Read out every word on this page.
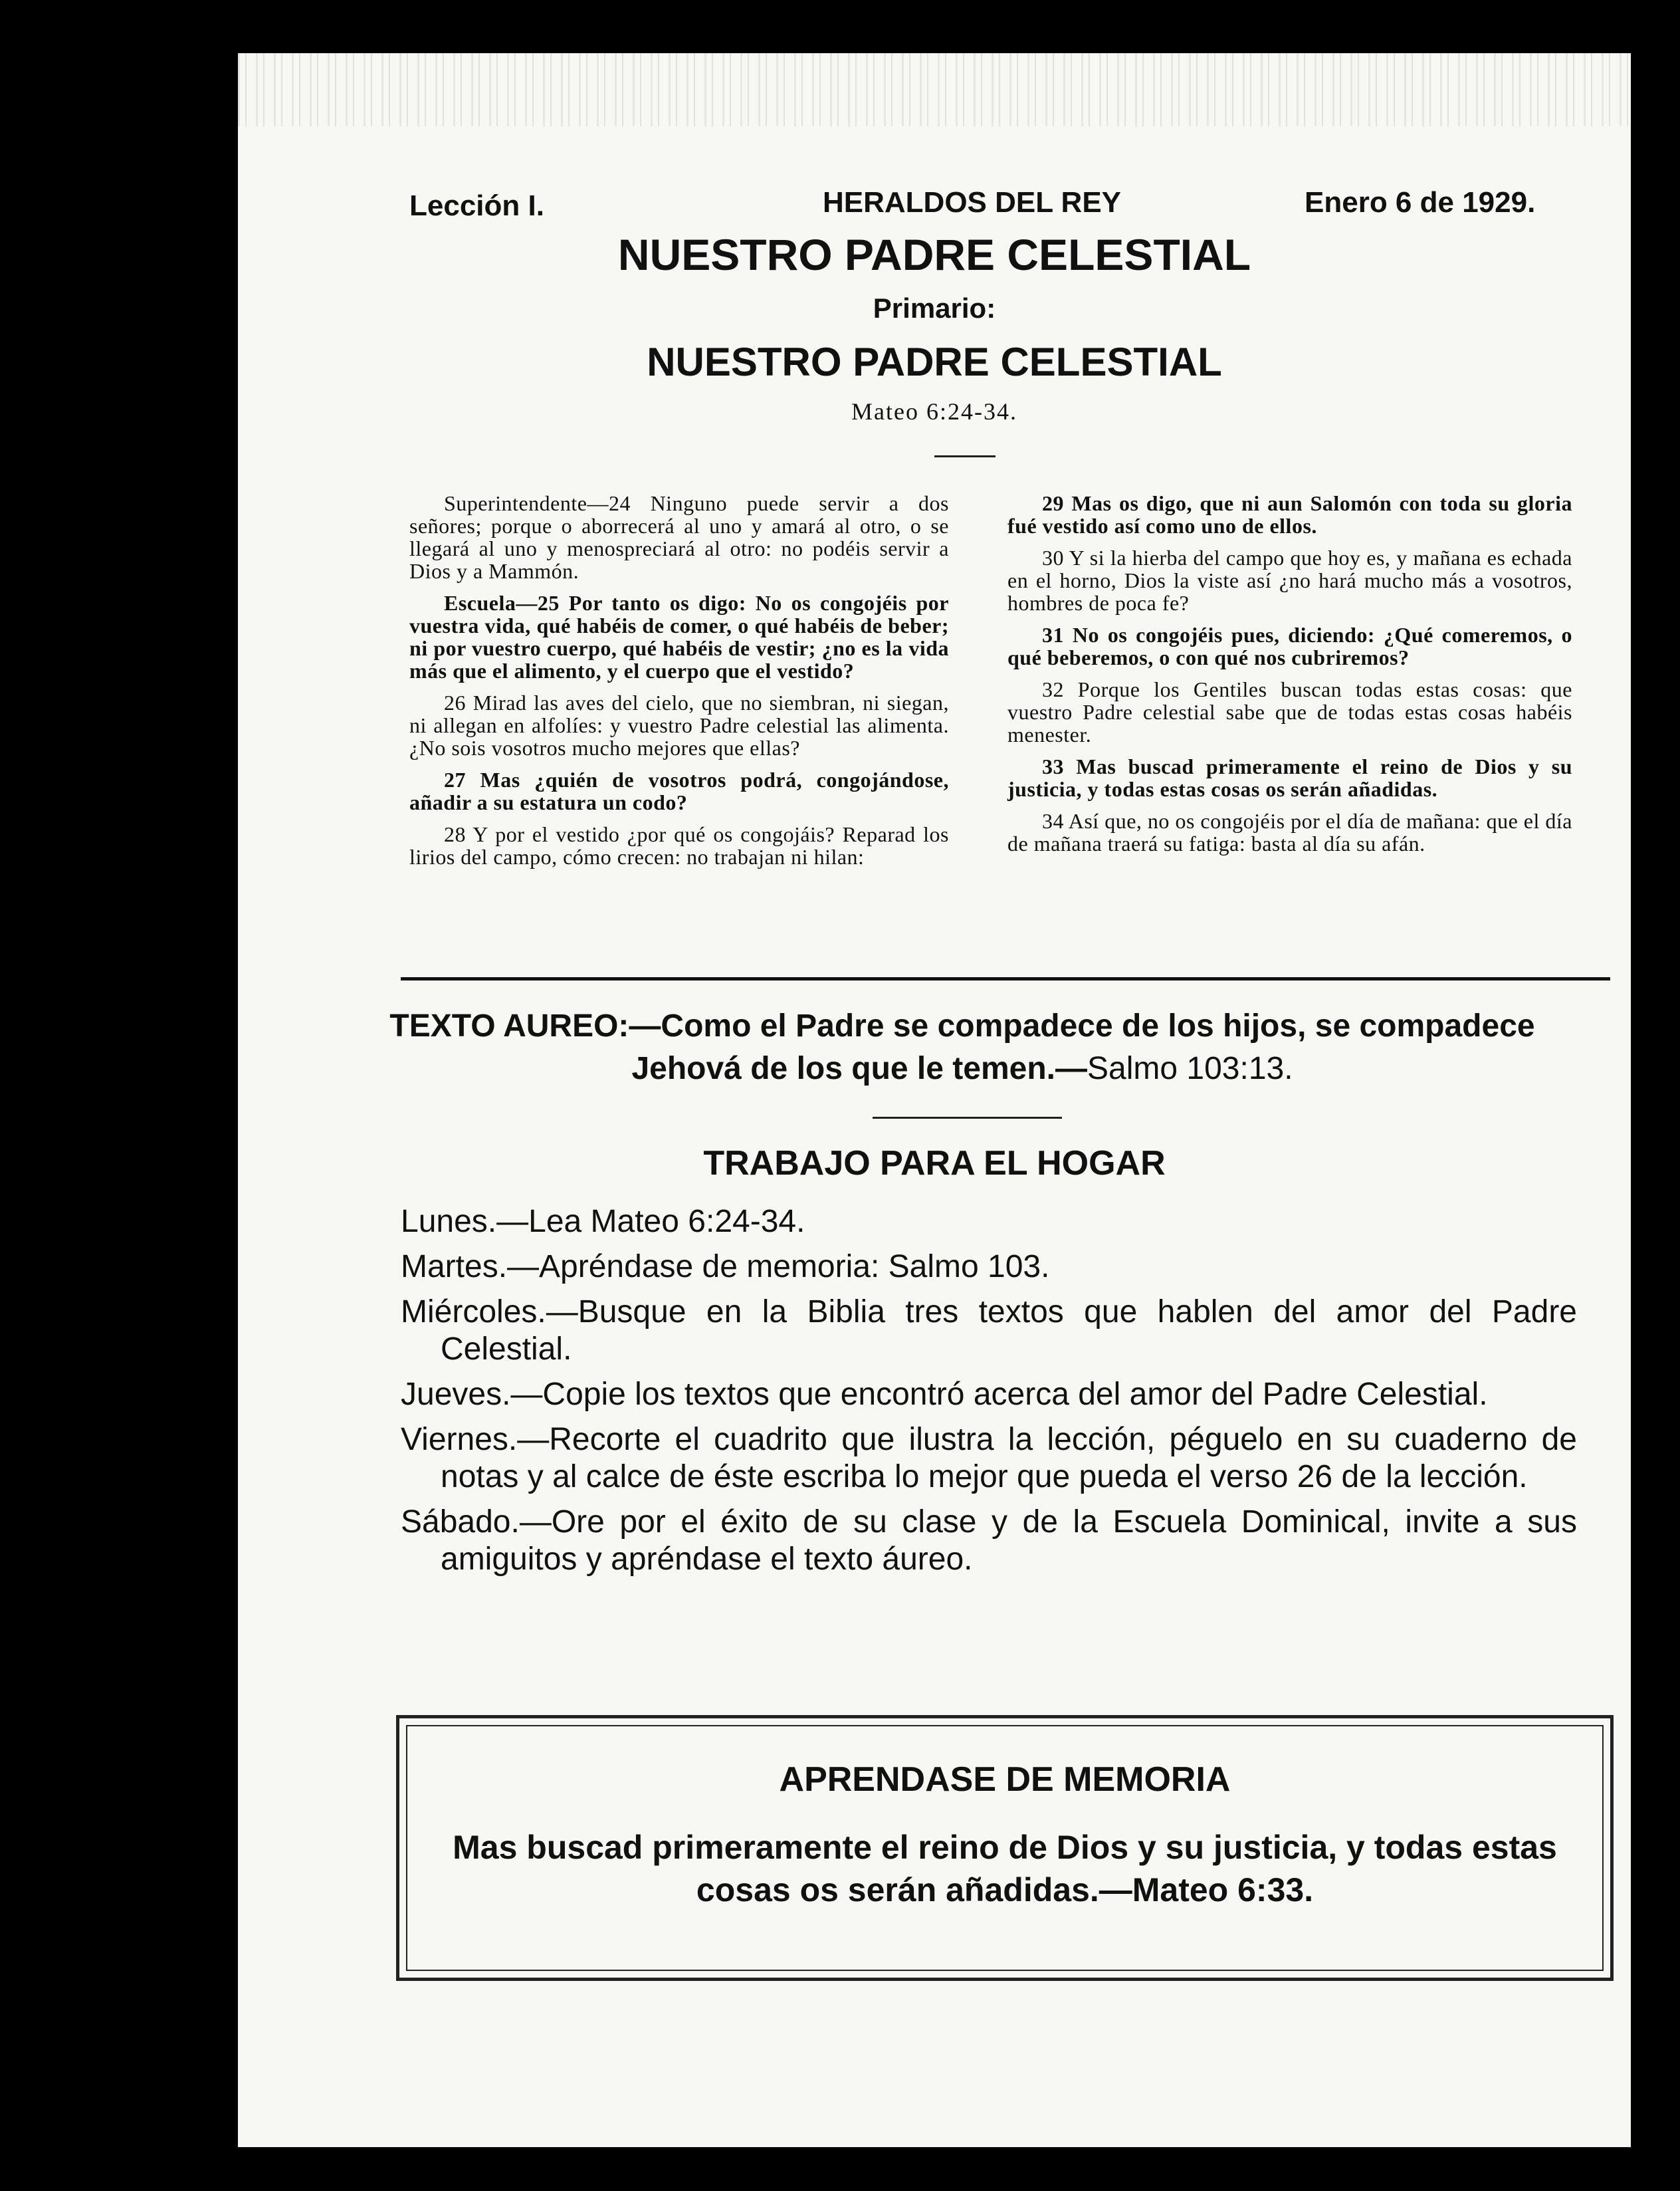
Lección I.	HERALDOS DEL REY	Enero 6 de 1929.
NUESTRO PADRE CELESTIAL
Primario:
NUESTRO PADRE CELESTIAL
Mateo 6:24-34.

Superintendente—24 Ninguno puede servir a dos señores; porque o aborrecerá al uno y amará al otro, o se llegará al uno y menospreciará al otro: no podéis servir a Dios y a Mammón.

Escuela—25 Por tanto os digo: No os congojéis por vuestra vida, qué habéis de comer, o qué habéis de beber; ni por vuestro cuerpo, qué habéis de vestir; ¿no es la vida más que el alimento, y el cuerpo que el vestido?

26 Mirad las aves del cielo, que no siembran, ni siegan, ni allegan en alfolíes: y vuestro Padre celestial las alimenta. ¿No sois vosotros mucho mejores que ellas?

27 Mas ¿quién de vosotros podrá, congojándose, añadir a su estatura un codo?

28 Y por el vestido ¿por qué os congojáis? Reparad los lirios del campo, cómo crecen: no trabajan ni hilan:

29 Mas os digo, que ni aun Salomón con toda su gloria fué vestido así como uno de ellos.

30 Y si la hierba del campo que hoy es, y mañana es echada en el horno, Dios la viste así ¿no hará mucho más a vosotros, hombres de poca fe?

31 No os congojéis pues, diciendo: ¿Qué comeremos, o qué beberemos, o con qué nos cubriremos?

32 Porque los Gentiles buscan todas estas cosas: que vuestro Padre celestial sabe que de todas estas cosas habéis menester.

33 Mas buscad primeramente el reino de Dios y su justicia, y todas estas cosas os serán añadidas.

34 Así que, no os congojéis por el día de mañana: que el día de mañana traerá su fatiga: basta al día su afán.

TEXTO AUREO:—Como el Padre se compadece de los hijos, se compadece Jehová de los que le temen.—Salmo 103:13.
TRABAJO PARA EL HOGAR
Lunes.—Lea Mateo 6:24-34.
Martes.—Apréndase de memoria: Salmo 103.
Miércoles.—Busque en la Biblia tres textos que hablen del amor del Padre Celestial.
Jueves.—Copie los textos que encontró acerca del amor del Padre Celestial.
Viernes.—Recorte el cuadrito que ilustra la lección, péguelo en su cuaderno de notas y al calce de éste escriba lo mejor que pueda el verso 26 de la lección.
Sábado.—Ore por el éxito de su clase y de la Escuela Dominical, invite a sus amiguitos y apréndase el texto áureo.
APRENDASE DE MEMORIA
Mas buscad primeramente el reino de Dios y su justicia, y todas estas cosas os serán añadidas.—Mateo 6:33.
